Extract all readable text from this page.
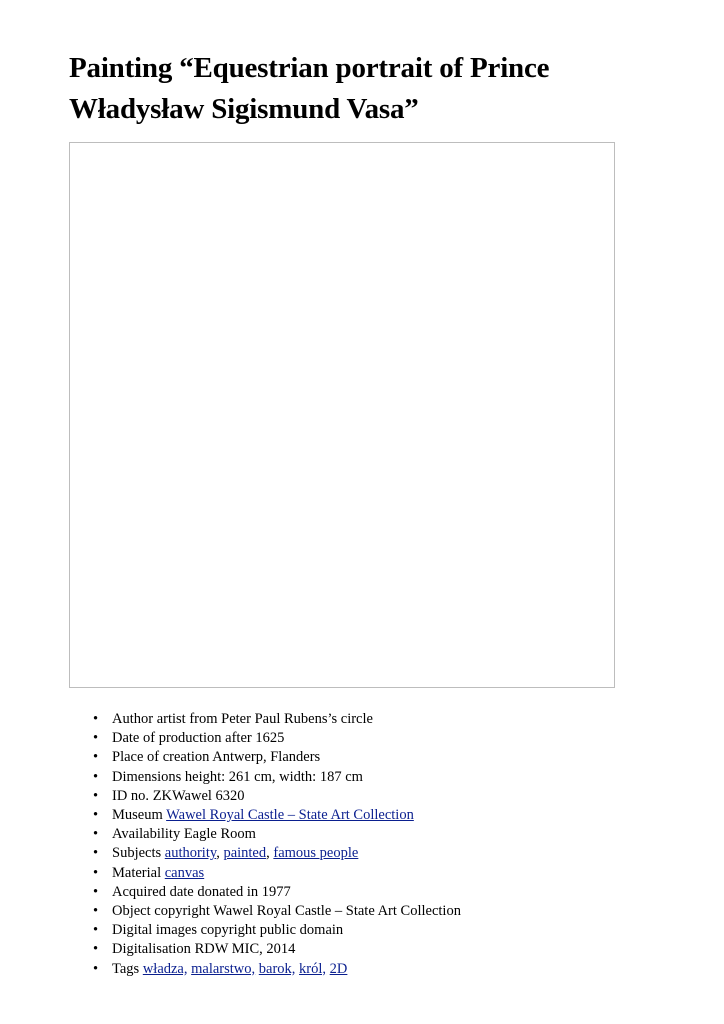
Painting “Equestrian portrait of Prince
Władysław Sigismund Vasa”
• Author artist from Peter Paul Rubens’s circle
• Date of production after 1625
• Place of creation Antwerp, Flanders
• Dimensions height: 261 cm, width: 187 cm
• ID no. ZKWawel 6320
• Museum Wawel Royal Castle – State Art Collection
• Availability Eagle Room
• Subjects authority, painted, famous people
• Material canvas
• Acquired date donated in 1977
• Object copyright Wawel Royal Castle – State Art Collection
• Digital images copyright public domain
• Digitalisation RDW MIC, 2014
• Tags władza, malarstwo, barok, król, 2D
